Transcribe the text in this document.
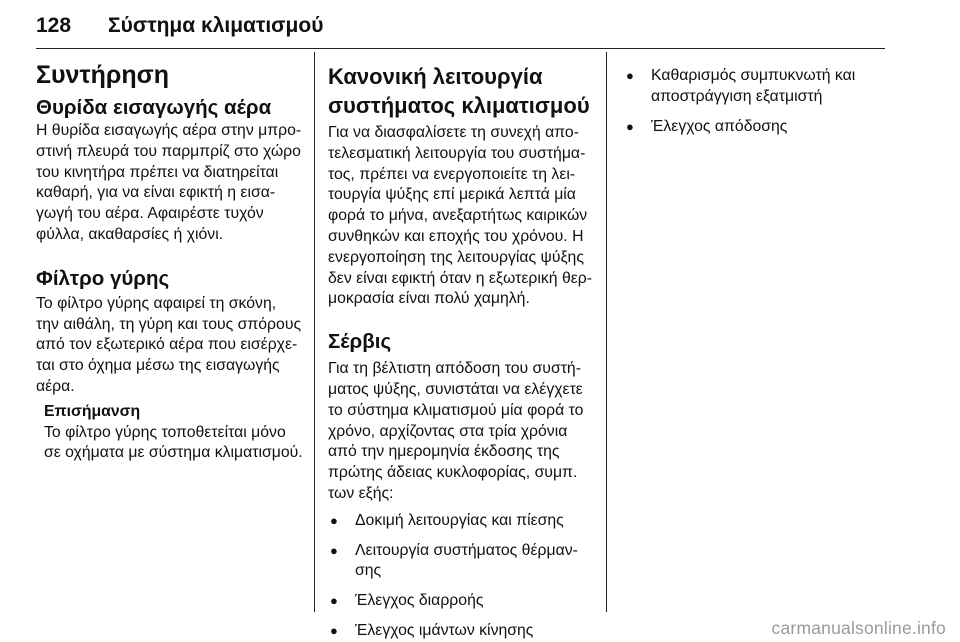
128 Σύστημα κλιματισμού
Συντήρηση
Θυρίδα εισαγωγής αέρα

Η θυρίδα εισαγωγής αέρα στην μπρο‐

στινή πλευρά του παρμπρίζ στο χώρο

του κινητήρα πρέπει να διατηρείται

καθαρή, για να είναι εφικτή η εισα‐

γωγή του αέρα. Αφαιρέστε τυχόν

φύλλα, ακαθαρσίες ή χιόνι.

Φίλτρο γύρης

Το φίλτρο γύρης αφαιρεί τη σκόνη,

την αιθάλη, τη γύρη και τους σπόρους

από τον εξωτερικό αέρα που εισέρχε‐

ται στο όχημα μέσω της εισαγωγής

αέρα.

Επισήμανση

Το φίλτρο γύρης τοποθετείται μόνο

σε οχήματα με σύστημα κλιματισμού.

Κανονική λειτουργία
συστήματος κλιματισμού

Για να διασφαλίσετε τη συνεχή απο‐

τελεσματική λειτουργία του συστήμα‐

τος, πρέπει να ενεργοποιείτε τη λει‐

τουργία ψύξης επί μερικά λεπτά μία

φορά το μήνα, ανεξαρτήτως καιρικών

συνθηκών και εποχής του χρόνου. Η

ενεργοποίηση της λειτουργίας ψύξης

δεν είναι εφικτή όταν η εξωτερική θερ‐

μοκρασία είναι πολύ χαμηλή.

Σέρβις

Για τη βέλτιστη απόδοση του συστή‐

ματος ψύξης, συνιστάται να ελέγχετε

το σύστημα κλιματισμού μία φορά το

χρόνο, αρχίζοντας στα τρία χρόνια

από την ημερομηνία έκδοσης της

πρώτης άδειας κυκλοφορίας, συμπ.

των εξής:

● Δοκιμή λειτουργίας και πίεσης
● Λειτουργία συστήματος θέρμαν‐
σης
● Έλεγχος διαρροής
● Έλεγχος ιμάντων κίνησης
● Καθαρισμός συμπυκνωτή και
αποστράγγιση εξατμιστή
● Έλεγχος απόδοσης
carmanualsonline.info
